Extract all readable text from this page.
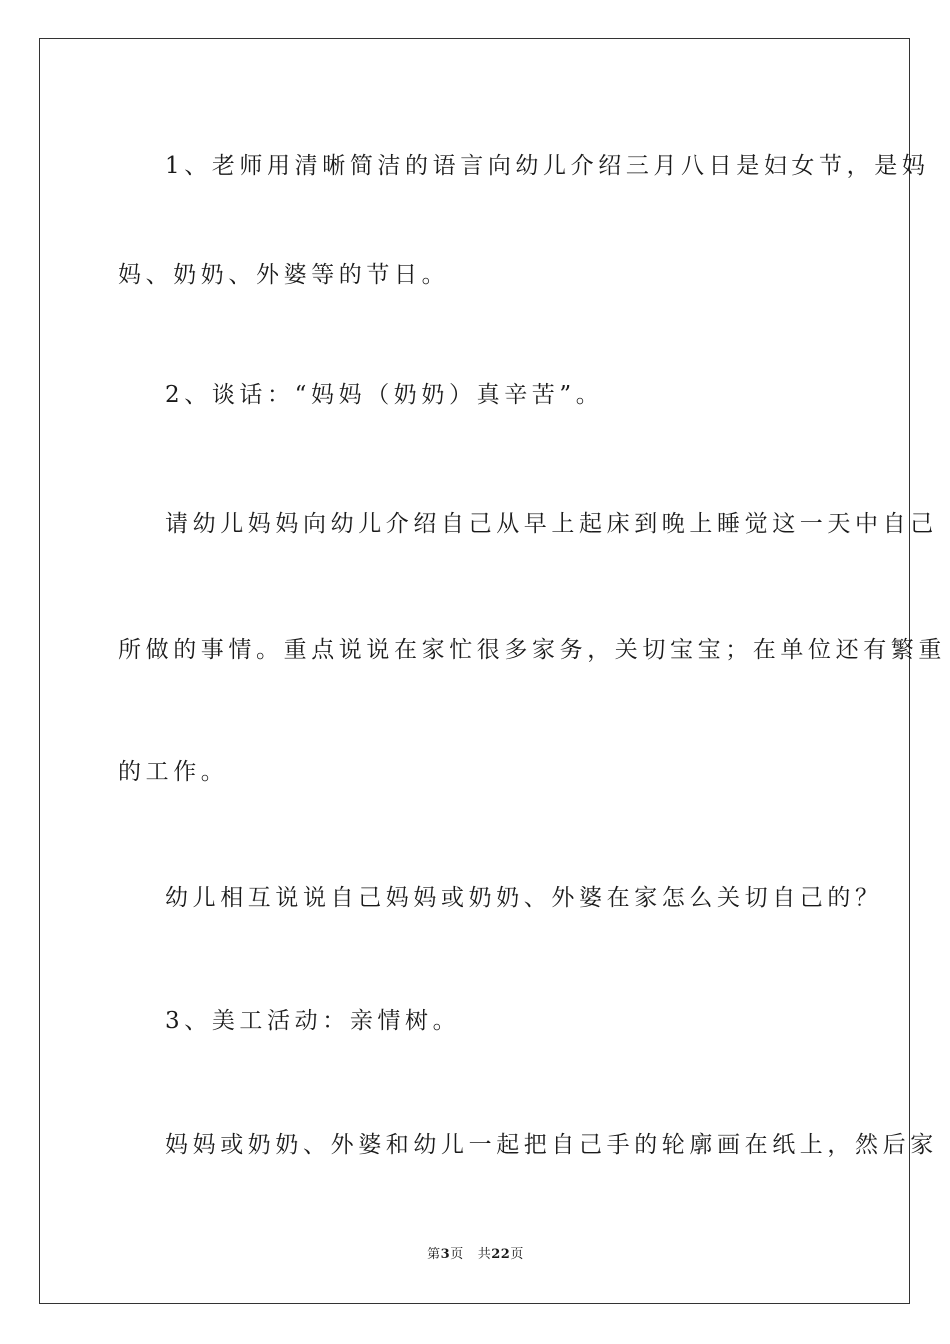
1、老师用清晰简洁的语言向幼儿介绍三月八日是妇女节，是妈
妈、奶奶、外婆等的节日。
2、谈话：“妈妈（奶奶）真辛苦”。
请幼儿妈妈向幼儿介绍自己从早上起床到晚上睡觉这一天中自己
所做的事情。重点说说在家忙很多家务，关切宝宝；在单位还有繁重
的工作。
幼儿相互说说自己妈妈或奶奶、外婆在家怎么关切自己的？
3、美工活动：亲情树。
妈妈或奶奶、外婆和幼儿一起把自己手的轮廓画在纸上，然后家
第3页 共22页
